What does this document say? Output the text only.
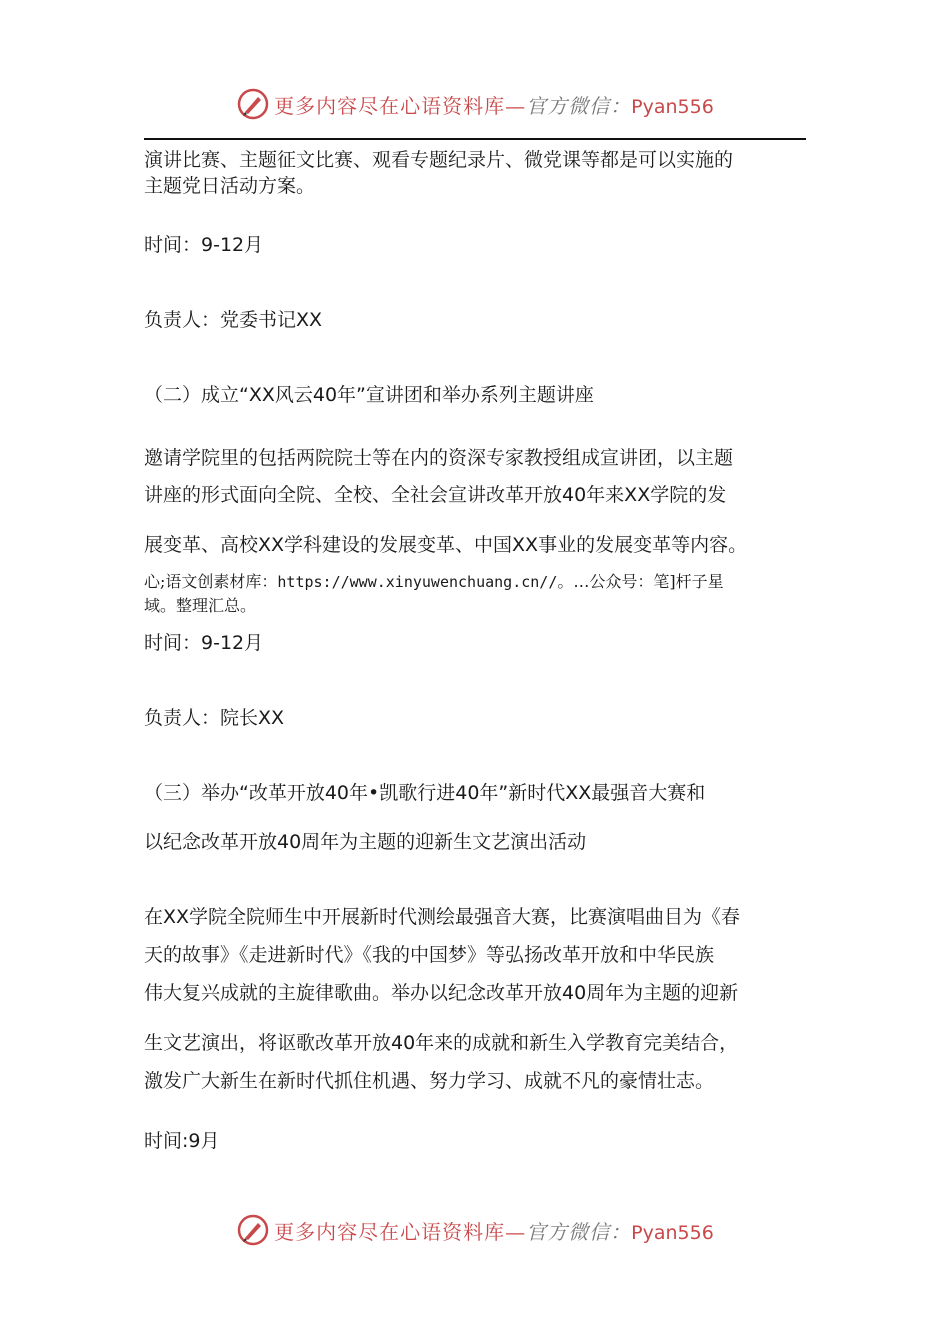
更多内容尽在心语资料库—官方微信：Pyan556
演讲比赛、主题征文比赛、观看专题纪录片、微党课等都是可以实施的
主题党日活动方案。
时间：9-12月
负责人：党委书记XX
（二）成立“XX风云40年”宣讲团和举办系列主题讲座
邀请学院里的包括两院院士等在内的资深专家教授组成宣讲团，以主题
讲座的形式面向全院、全校、全社会宣讲改革开放40年来XX学院的发
展变革、高校XX学科建设的发展变革、中国XX事业的发展变革等内容。
心;语文创素材库：https://www.xinyuwenchuang.cn//。…公众号：笔]杆子星
域。整理汇总。
时间：9-12月
负责人：院长XX
（三）举办“改革开放40年•凯歌行进40年”新时代XX最强音大赛和
以纪念改革开放40周年为主题的迎新生文艺演出活动
在XX学院全院师生中开展新时代测绘最强音大赛，比赛演唱曲目为《春
天的故事》《走进新时代》《我的中国梦》等弘扬改革开放和中华民族
伟大复兴成就的主旋律歌曲。举办以纪念改革开放40周年为主题的迎新
生文艺演出，将讴歌改革开放40年来的成就和新生入学教育完美结合，
激发广大新生在新时代抓住机遇、努力学习、成就不凡的豪情壮志。
时间:9月
更多内容尽在心语资料库—官方微信：Pyan556
